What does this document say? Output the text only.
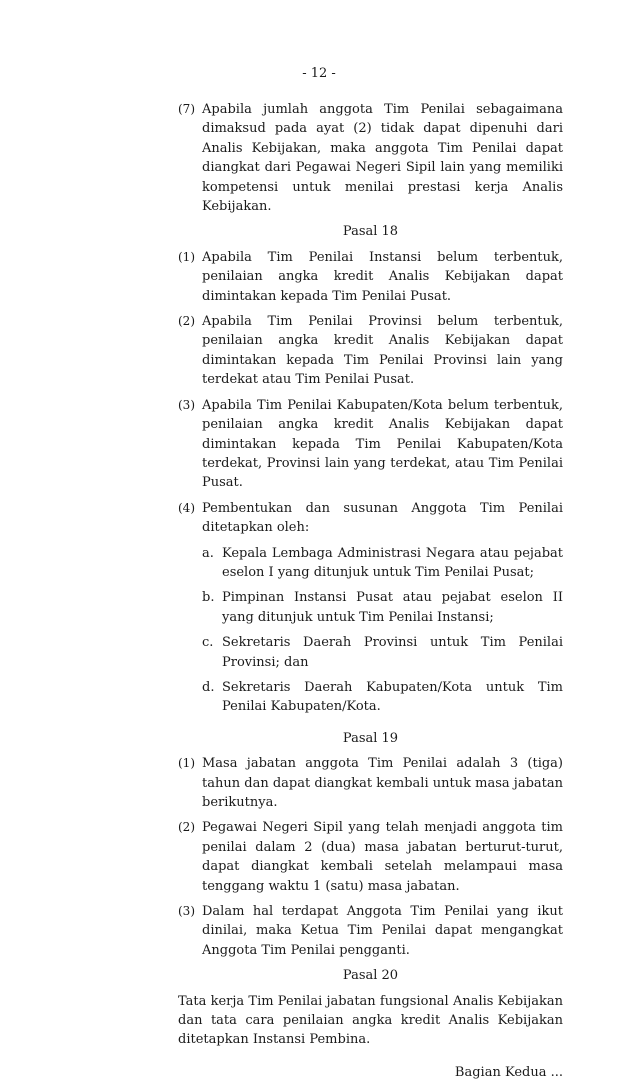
- 12 -
(7) Apabila jumlah anggota Tim Penilai sebagaimana dimaksud pada ayat (2) tidak dapat dipenuhi dari Analis Kebijakan, maka anggota Tim Penilai dapat diangkat dari Pegawai Negeri Sipil lain yang memiliki kompetensi untuk menilai prestasi kerja Analis Kebijakan.
Pasal 18
(1) Apabila Tim Penilai Instansi belum terbentuk, penilaian angka kredit Analis Kebijakan dapat dimintakan kepada Tim Penilai Pusat.
(2) Apabila Tim Penilai Provinsi belum terbentuk, penilaian angka kredit Analis Kebijakan dapat dimintakan kepada Tim Penilai Provinsi lain yang terdekat atau Tim Penilai Pusat.
(3) Apabila Tim Penilai Kabupaten/Kota belum terbentuk, penilaian angka kredit Analis Kebijakan dapat dimintakan kepada Tim Penilai Kabupaten/Kota terdekat, Provinsi lain yang terdekat, atau Tim Penilai Pusat.
(4) Pembentukan dan susunan Anggota Tim Penilai ditetapkan oleh:
a. Kepala Lembaga Administrasi Negara atau pejabat eselon I yang ditunjuk untuk Tim Penilai Pusat;
b. Pimpinan Instansi Pusat atau pejabat eselon II yang ditunjuk untuk Tim Penilai Instansi;
c. Sekretaris Daerah Provinsi untuk Tim Penilai Provinsi; dan
d. Sekretaris Daerah Kabupaten/Kota untuk Tim Penilai Kabupaten/Kota.
Pasal 19
(1) Masa jabatan anggota Tim Penilai adalah 3 (tiga) tahun dan dapat diangkat kembali untuk masa jabatan berikutnya.
(2) Pegawai Negeri Sipil yang telah menjadi anggota tim penilai dalam 2 (dua) masa jabatan berturut-turut, dapat diangkat kembali setelah melampaui masa tenggang waktu 1 (satu) masa jabatan.
(3) Dalam hal terdapat Anggota Tim Penilai yang ikut dinilai, maka Ketua Tim Penilai dapat mengangkat Anggota Tim Penilai pengganti.
Pasal 20
Tata kerja Tim Penilai jabatan fungsional Analis Kebijakan dan tata cara penilaian angka kredit Analis Kebijakan ditetapkan Instansi Pembina.
Bagian Kedua ...
